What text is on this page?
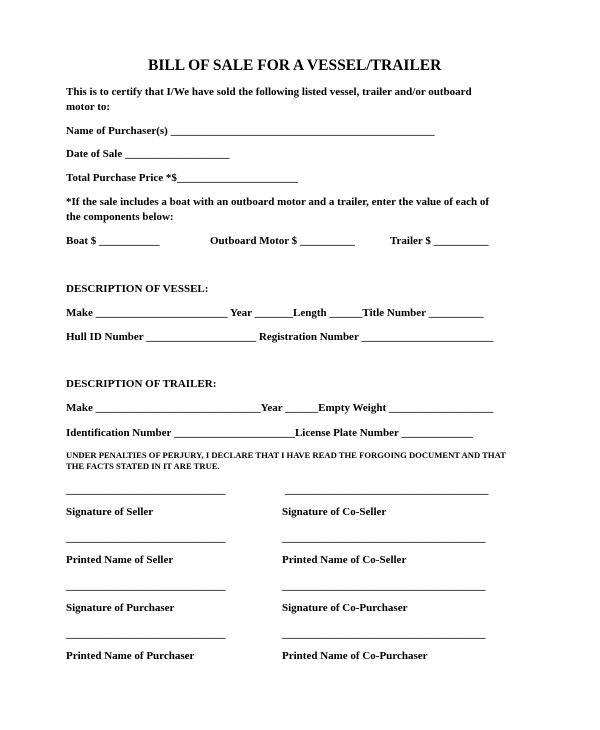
BILL OF SALE FOR A VESSEL/TRAILER
This is to certify that I/We have sold the following listed vessel, trailer and/or outboard
motor to:
Name of Purchaser(s) ________________________________________________
Date of Sale ___________________
Total Purchase Price *$______________________
*If the sale includes a boat with an outboard motor and a trailer, enter the value of each of
the components below:
Boat $ ___________	Outboard Motor $ __________	Trailer $ __________
DESCRIPTION OF VESSEL:
Make ________________________ Year _______Length ______Title Number __________
Hull ID Number ____________________ Registration Number ________________________
DESCRIPTION OF TRAILER:
Make ______________________________Year ______Empty Weight ___________________
Identification Number ______________________License Plate Number _____________
UNDER PENALTIES OF PERJURY, I DECLARE THAT I HAVE READ THE FORGOING DOCUMENT AND THAT
THE FACTS STATED IN IT ARE TRUE.
_____________________________	_____________________________________
Signature of Seller	Signature of Co-Seller
_____________________________	_____________________________________
Printed Name of Seller	Printed Name of Co-Seller
_____________________________	_____________________________________
Signature of Purchaser	Signature of Co-Purchaser
_____________________________	_____________________________________
Printed Name of Purchaser	Printed Name of Co-Purchaser
